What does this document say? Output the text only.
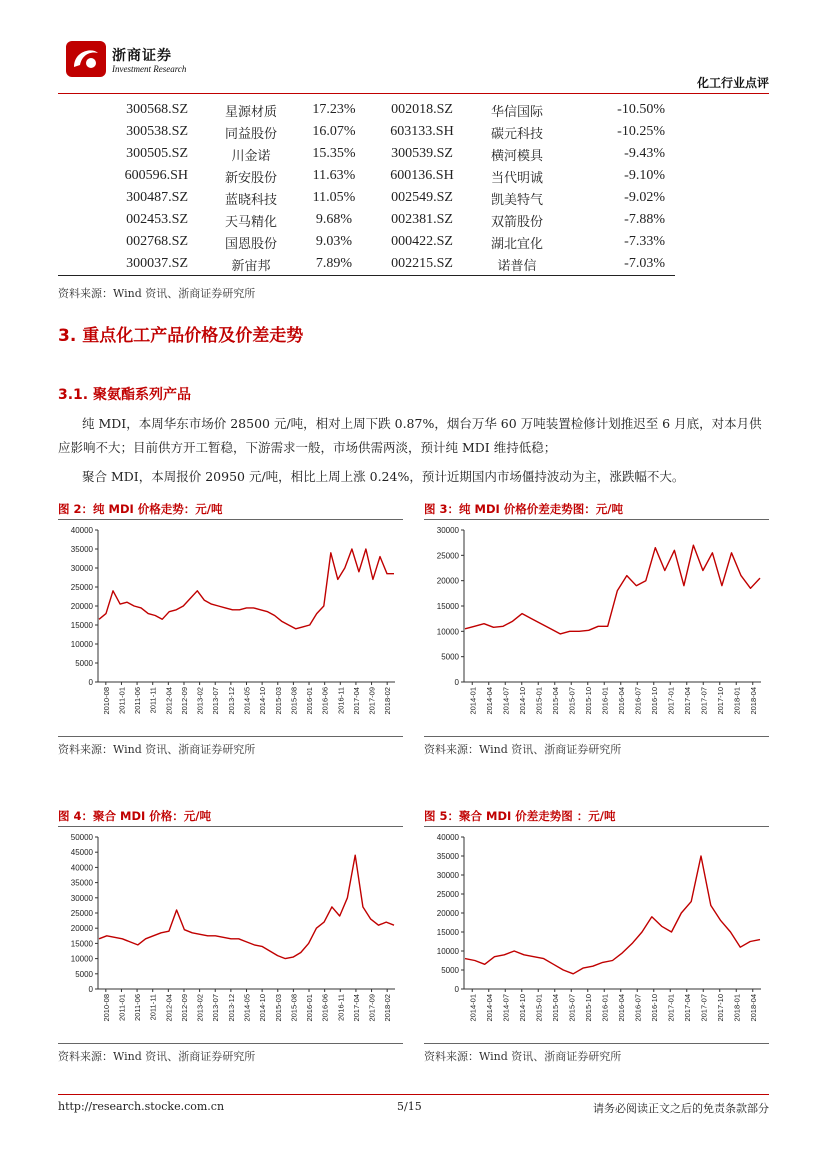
浙商证券
Investment Research
化工行业点评
300568.SZ	星源材质	17.23%	002018.SZ	华信国际	-10.50%
300538.SZ	同益股份	16.07%	603133.SH	碳元科技	-10.25%
300505.SZ	川金诺	15.35%	300539.SZ	横河模具	-9.43%
600596.SH	新安股份	11.63%	600136.SH	当代明诚	-9.10%
300487.SZ	蓝晓科技	11.05%	002549.SZ	凯美特气	-9.02%
002453.SZ	天马精化	9.68%	002381.SZ	双箭股份	-7.88%
002768.SZ	国恩股份	9.03%	000422.SZ	湖北宜化	-7.33%
300037.SZ	新宙邦	7.89%	002215.SZ	诺普信	-7.03%
资料来源：Wind 资讯、浙商证券研究所
3. 重点化工产品价格及价差走势
3.1. 聚氨酯系列产品
纯 MDI，本周华东市场价 28500 元/吨，相对上周下跌 0.87%，烟台万华 60 万吨装置检修计划推迟至 6 月底，对本月供应影响不大；目前供方开工暂稳，下游需求一般，市场供需两淡，预计纯 MDI 维持低稳；
聚合 MDI，本周报价 20950 元/吨，相比上周上涨 0.24%，预计近期国内市场僵持波动为主，涨跌幅不大。
图 2：纯 MDI 价格走势：元/吨	图 3：纯 MDI 价格价差走势图：元/吨
0
5000
10000
15000
20000
25000
30000
35000
40000
2010-08 2011-01 2011-06 2011-11 2012-04 2012-09 2013-02 2013-07 2013-12 2014-05 2014-10 2015-03 2015-08 2016-01 2016-06 2016-11 2017-04 2017-09 2018-02
0
5000
10000
15000
20000
25000
30000
2014-01 2014-04 2014-07 2014-10 2015-01 2015-04 2015-07 2015-10 2016-01 2016-04 2016-07 2016-10 2017-01 2017-04 2017-07 2017-10 2018-01 2018-04
资料来源：Wind 资讯、浙商证券研究所	资料来源：Wind 资讯、浙商证券研究所
图 4：聚合 MDI 价格：元/吨	图 5：聚合 MDI 价差走势图 ：元/吨
0
5000
10000
15000
20000
25000
30000
35000
40000
45000
50000
2010-08 2011-01 2011-06 2011-11 2012-04 2012-09 2013-02 2013-07 2013-12 2014-05 2014-10 2015-03 2015-08 2016-01 2016-06 2016-11 2017-04 2017-09 2018-02
0
5000
10000
15000
20000
25000
30000
35000
40000
2014-01 2014-04 2014-07 2014-10 2015-01 2015-04 2015-07 2015-10 2016-01 2016-04 2016-07 2016-10 2017-01 2017-04 2017-07 2017-10 2018-01 2018-04
资料来源：Wind 资讯、浙商证券研究所	资料来源：Wind 资讯、浙商证券研究所
http://research.stocke.com.cn	5/15	请务必阅读正文之后的免责条款部分
